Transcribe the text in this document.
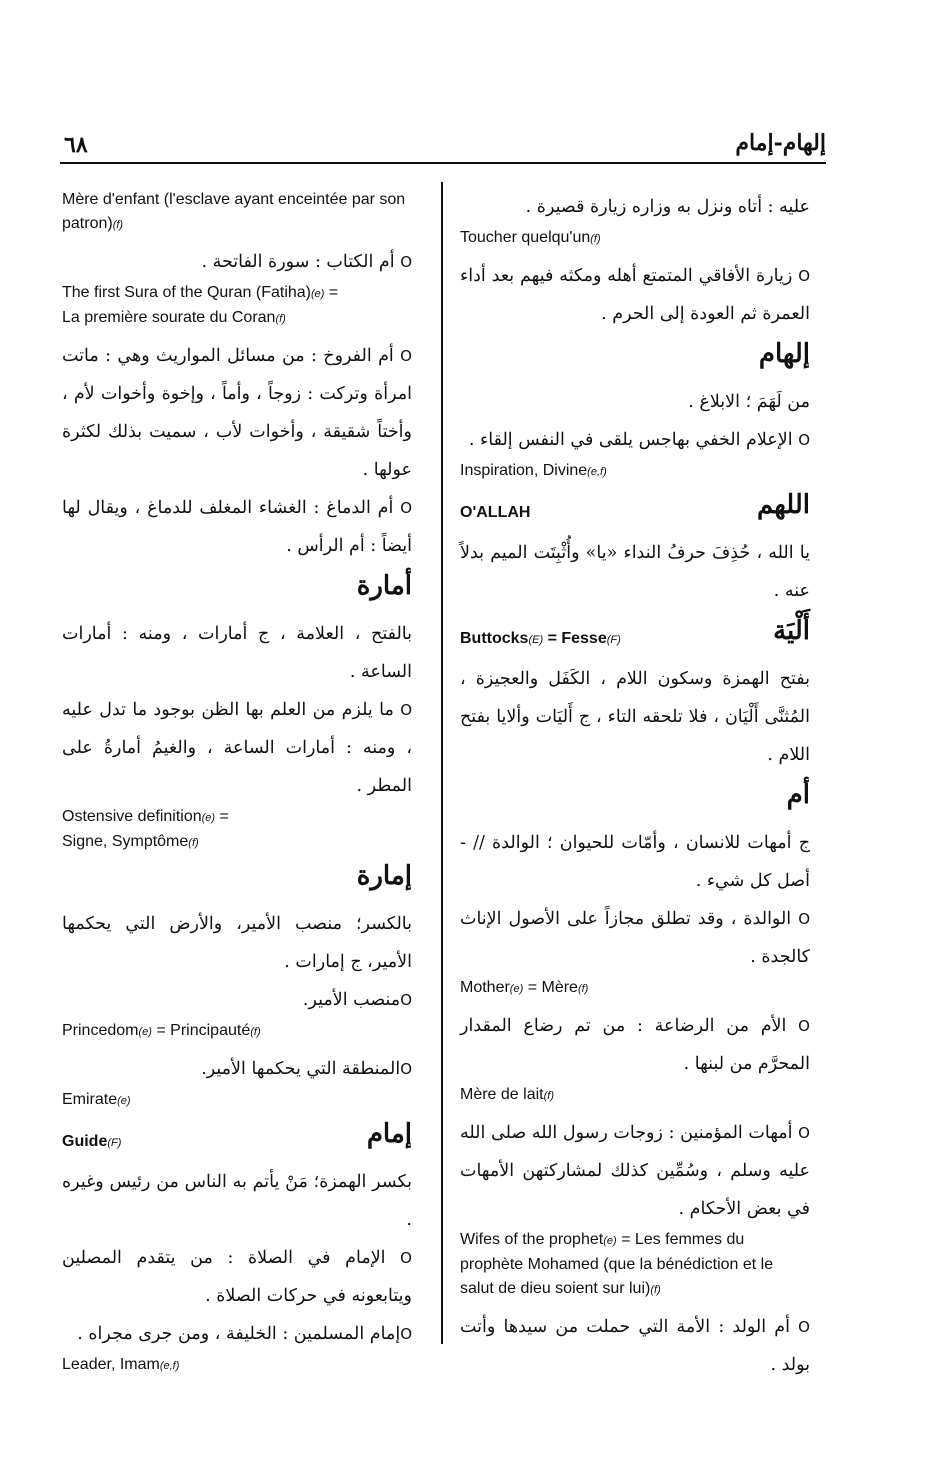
٦٨	إلهام-إمام

عليه : أتاه ونزل به وزاره زيارة قصيرة .

Toucher quelqu'un(f)

O زيارة الأفاقي المتمتع أهله ومكثه فيهم بعد أداء العمرة ثم العودة إلى الحرم .

إلهام

من لَهَمَ ؛ الابلاغ .

O الإعلام الخفي بهاجس يلقى في النفس إلقاء .

Inspiration, Divine(e,f)

اللهم
O'ALLAH

يا الله ، حُذِفَ حرفُ النداء «يا» وأُثْبِتَت الميم بدلاً عنه .

أَلْيَة
Buttocks(E) = Fesse(F)

بفتح الهمزة وسكون اللام ، الكَفَل والعجيزة ، المُثنَّى أَلْيَان ، فلا تلحقه التاء ، ج أَليَات وألايا بفتح اللام .

أم

ج أمهات للانسان ، وأمّات للحيوان ؛ الوالدة // - أصل كل شيء .

O الوالدة ، وقد تطلق مجازاً على الأصول الإناث كالجدة .

Mother(e) = Mère(f)

O الأم من الرضاعة : من تم رضاع المقدار المحرَّم من لبنها .

Mère de lait(f)

O أمهات المؤمنين : زوجات رسول الله صلى الله عليه وسلم ، وسُمِّين كذلك لمشاركتهن الأمهات في بعض الأحكام .

Wifes of the prophet(e) = Les femmes du prophète Mohamed (que la bénédiction et le salut de dieu soient sur lui)(f)

O أم الولد : الأمة التي حملت من سيدها وأتت بولد .

Mère d'enfant (l'esclave ayant enceintée par son patron)(f)

O أم الكتاب : سورة الفاتحة .

The first Sura of the Quran (Fatiha)(e) =
La première sourate du Coran(f)

O أم الفروخ : من مسائل المواريث وهي : ماتت امرأة وتركت : زوجاً ، وأماً ، وإخوة وأخوات لأم ، وأختاً شقيقة ، وأخوات لأب ، سميت بذلك لكثرة عولها .

O أم الدماغ : الغشاء المغلف للدماغ ، ويقال لها أيضاً : أم الرأس .

أمارة

بالفتح ، العلامة ، ج أمارات ، ومنه : أمارات الساعة .

O ما يلزم من العلم بها الظن بوجود ما تدل عليه ، ومنه : أمارات الساعة ، والغيمُ أمارةُ على المطر .

Ostensive definition(e) =
Signe, Symptôme(f)

إمارة

بالكسر؛ منصب الأمير، والأرض التي يحكمها الأمير، ج إمارات .

Oمنصب الأمير.

Princedom(e) = Principauté(f)

Oالمنطقة التي يحكمها الأمير.

Emirate(e)

إمام
Guide(F)

بكسر الهمزة؛ مَنْ يأتم به الناس من رئيس وغيره .

O الإمام في الصلاة : من يتقدم المصلين ويتابعونه في حركات الصلاة .

Oإمام المسلمين : الخليفة ، ومن جرى مجراه .

Leader, Imam(e,f)
